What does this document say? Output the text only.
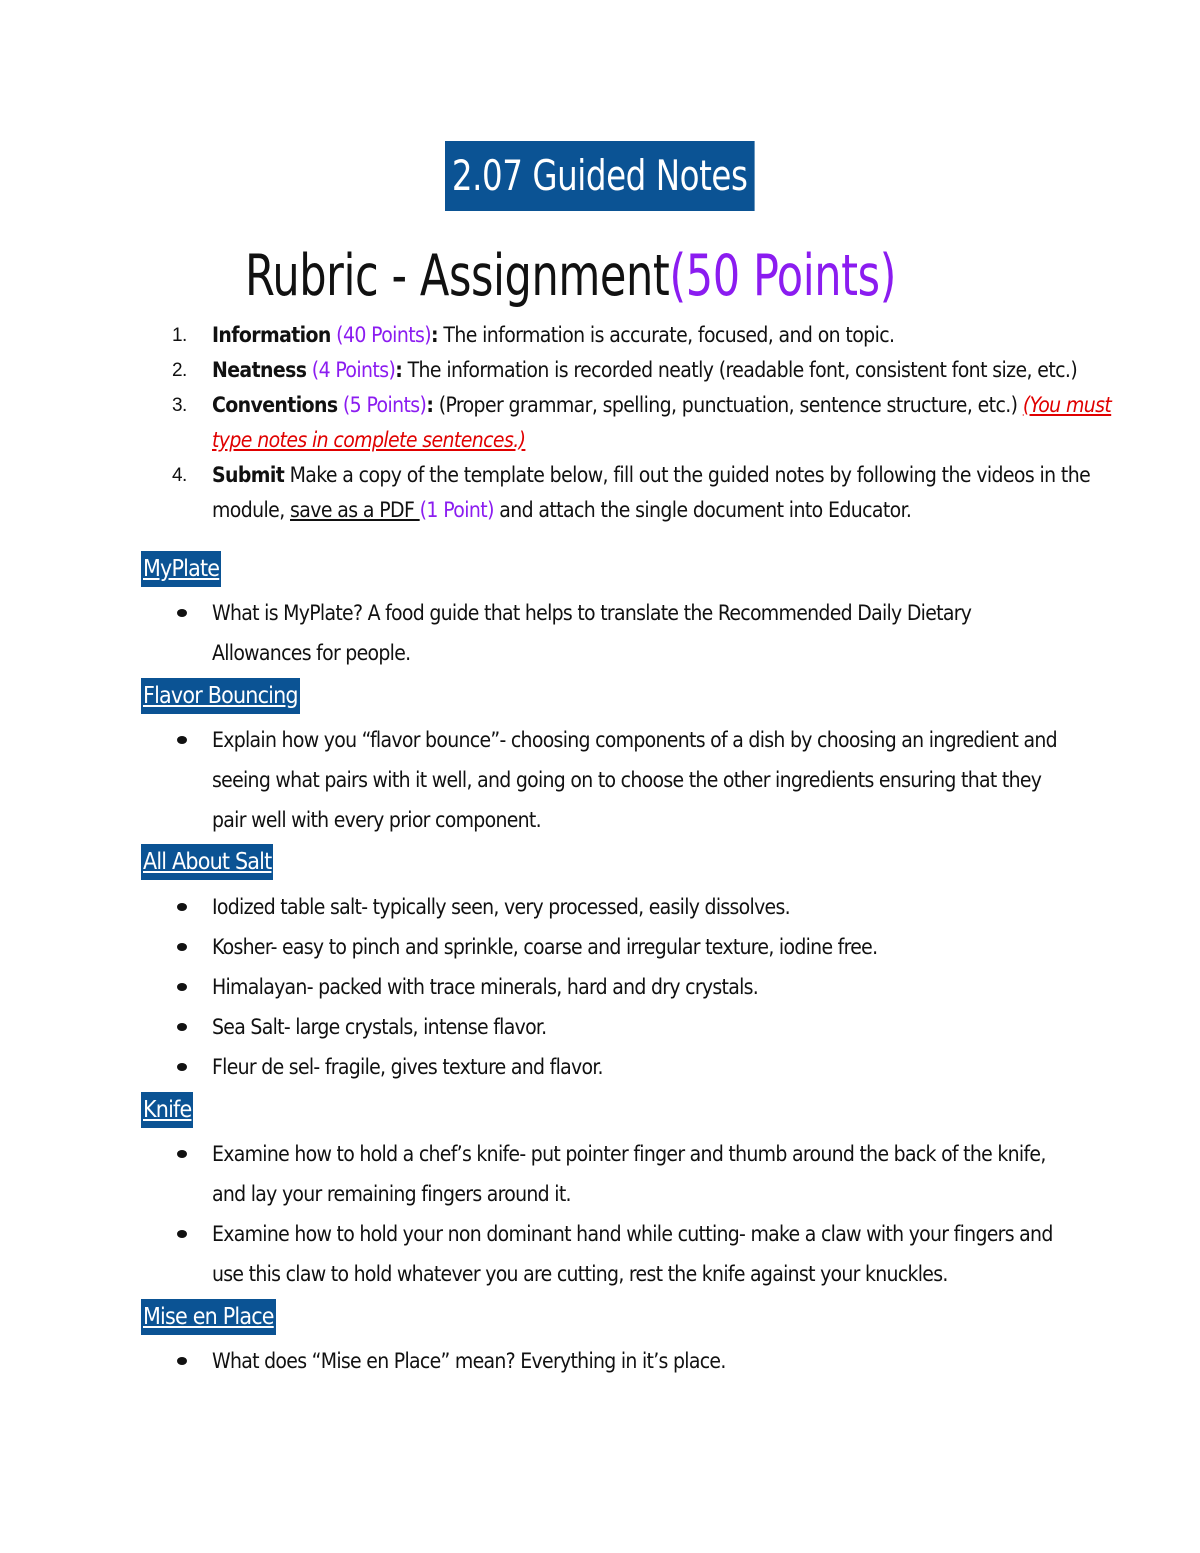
2.07 Guided Notes
Rubric - Assignment(50 Points)
1. Information (40 Points): The information is accurate, focused, and on topic.
2. Neatness (4 Points): The information is recorded neatly (readable font, consistent font size, etc.)
3. Conventions (5 Points): (Proper grammar, spelling, punctuation, sentence structure, etc.) (You must type notes in complete sentences.)
4. Submit Make a copy of the template below, fill out the guided notes by following the videos in the module, save as a PDF (1 Point) and attach the single document into Educator.
MyPlate
What is MyPlate? A food guide that helps to translate the Recommended Daily Dietary Allowances for people.
Flavor Bouncing
Explain how you “flavor bounce”- choosing components of a dish by choosing an ingredient and seeing what pairs with it well, and going on to choose the other ingredients ensuring that they pair well with every prior component.
All About Salt
Iodized table salt- typically seen, very processed, easily dissolves.
Kosher- easy to pinch and sprinkle, coarse and irregular texture, iodine free.
Himalayan- packed with trace minerals, hard and dry crystals.
Sea Salt- large crystals, intense flavor.
Fleur de sel- fragile, gives texture and flavor.
Knife
Examine how to hold a chef’s knife- put pointer finger and thumb around the back of the knife, and lay your remaining fingers around it.
Examine how to hold your non dominant hand while cutting- make a claw with your fingers and use this claw to hold whatever you are cutting, rest the knife against your knuckles.
Mise en Place
What does “Mise en Place” mean? Everything in it’s place.
